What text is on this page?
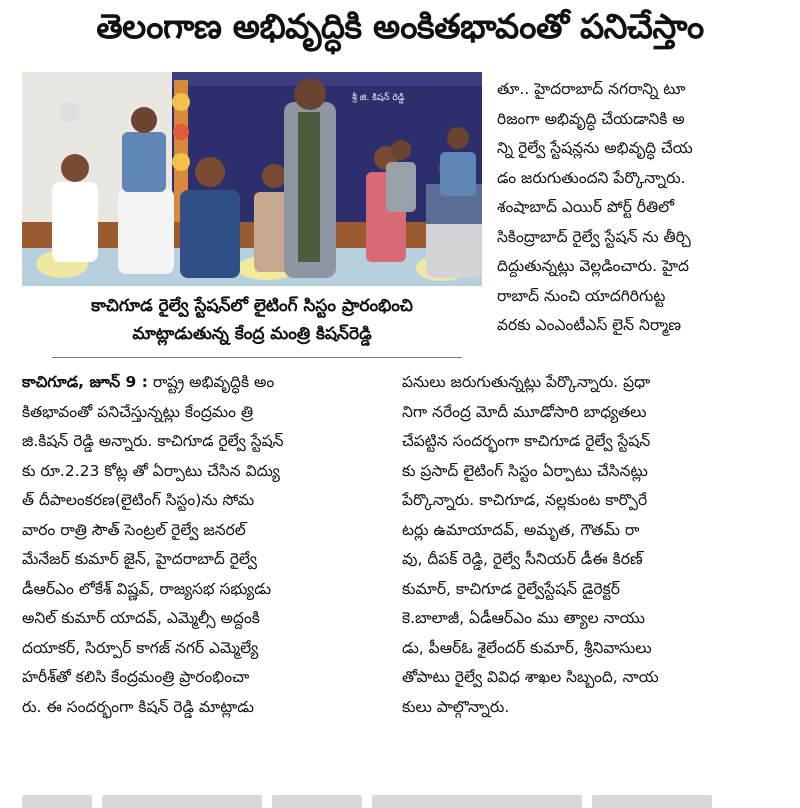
తెలంగాణ అభివృద్ధికి అంకితభావంతో పనిచేస్తాం
శ్రీ జి. కిషన్ రెడ్డి
కాచిగూడ రైల్వే స్టేషన్‌లో లైటింగ్ సిస్టం ప్రారంభించి
మాట్లాడుతున్న కేంద్ర మంత్రి కిషన్‌రెడ్డి

తూ.. హైదరాబాద్ నగరాన్ని టూ
రిజంగా అభివృద్ధి చేయడానికి అ
న్ని రైల్వే స్టేషన్లను అభివృద్ధి చేయ
డం జరుగుతుందని పేర్కొన్నారు.
శంషాబాద్ ఎయిర్ పోర్ట్ రీతిలో
సికింద్రాబాద్ రైల్వే స్టేషన్ ను తీర్చి
దిద్దుతున్నట్లు వెల్లడించారు. హైద
రాబాద్ నుంచి యాదగిరిగుట్ట
వరకు ఎంఎంటీఎస్ లైన్ నిర్మాణ

కాచిగూడ, జూన్ 9 : రాష్ట్ర అభివృద్ధికి అం
కితభావంతో పనిచేస్తున్నట్లు కేంద్రమం త్రి
జి.కిషన్ రెడ్డి అన్నారు. కాచిగూడ రైల్వే స్టేషన్
కు రూ.2.23 కోట్ల తో ఏర్పాటు చేసిన విద్యు
త్ దీపాలంకరణ(లైటింగ్ సిస్టం)ను సోమ
వారం రాత్రి సౌత్ సెంట్రల్ రైల్వే జనరల్
మేనేజర్ కుమార్ జైన్, హైదరాబాద్ రైల్వే
డీఆర్ఎం లోకేశ్ విష్ణవ్, రాజ్యసభ సభ్యుడు
అనిల్ కుమార్ యాదవ్, ఎమ్మెల్సీ అద్దంకి
దయాకర్, సిర్పూర్ కాగజ్ నగర్ ఎమ్మెల్యే
హరీశ్‌తో కలిసి కేంద్రమంత్రి ప్రారంభించా
రు. ఈ సందర్భంగా కిషన్ రెడ్డి మాట్లాడు

పనులు జరుగుతున్నట్లు పేర్కొన్నారు. ప్రధా
నిగా నరేంద్ర మోదీ మూడోసారి బాధ్యతలు
చేపట్టిన సందర్భంగా కాచిగూడ రైల్వే స్టేషన్
కు ప్రసాద్ లైటింగ్ సిస్టం ఏర్పాటు చేసినట్లు
పేర్కొన్నారు. కాచిగూడ, నల్లకుంట కార్పొరే
టర్లు ఉమాయాదవ్, అమృత, గౌతమ్ రా
వు, దీపక్ రెడ్డి, రైల్వే సీనియర్ డీఈ కిరణ్
కుమార్, కాచిగూడ రైల్వేస్టేషన్ డైరెక్టర్
కె.బాలాజీ, ఏడీఆర్ఎం ము త్యాల నాయు
డు, పీఆర్ఓ శైలేందర్ కుమార్, శ్రీనివాసులు
తోపాటు రైల్వే వివిధ శాఖల సిబ్బంది, నాయ
కులు పాల్గొన్నారు.
